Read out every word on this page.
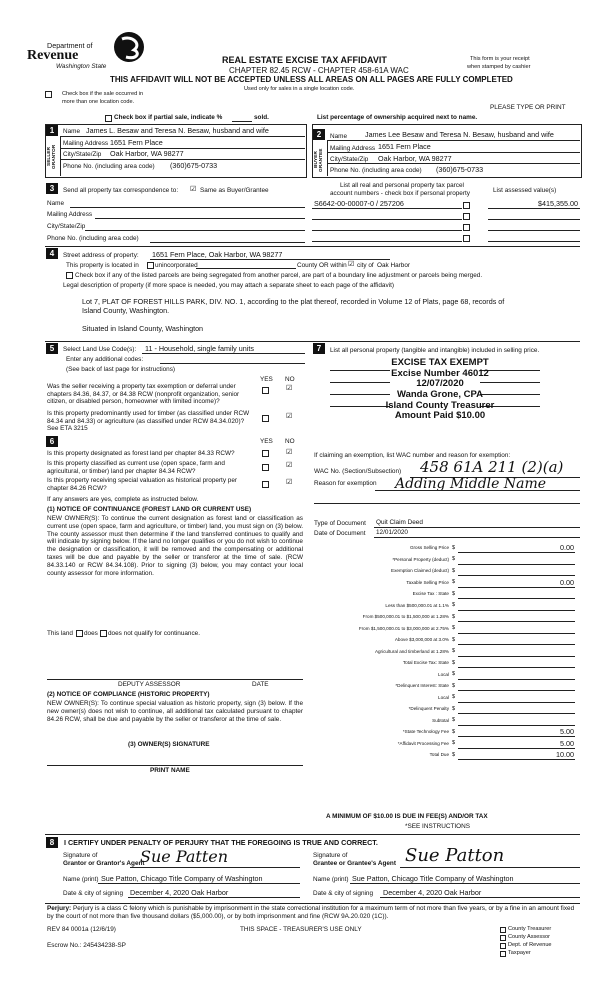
Department of
Revenue
Washington State
REAL ESTATE EXCISE TAX AFFIDAVIT
CHAPTER 82.45 RCW - CHAPTER 458-61A WAC
THIS AFFIDAVIT WILL NOT BE ACCEPTED UNLESS ALL AREAS ON ALL PAGES ARE FULLY COMPLETED
Used only for sales in a single location code.
This form is your receipt
when stamped by cashier
Check box if the sale occurred in
more than one location code.
PLEASE TYPE OR PRINT
Check box if partial sale, indicate %	sold.	List percentage of ownership acquired next to name.
1
SELLER GRANTOR
Name James L. Besaw and Teresa N. Besaw, husband and wife
Mailing Address 1651 Fern Place
City/State/Zip Oak Harbor, WA 98277
Phone No. (including area code) (360)675-0733
2
BUYER GRANTEE
Name James Lee Besaw and Teresa N. Besaw, husband and wife
Mailing Address 1651 Fern Place
City/State/Zip Oak Harbor, WA 98277
Phone No. (including area code) (360)675-0733
3	Send all property tax correspondence to: ☑ Same as Buyer/Grantee
Name
Mailing Address
City/State/Zip
Phone No. (including area code)
List all real and personal property tax parcel
account numbers - check box if personal property	List assessed value(s)
S6642-00-00007-0 / 257206	$415,355.00
4	Street address of property: 1651 Fern Place, Oak Harbor, WA 98277
This property is located in	unincorporated	County OR within ☑ city of Oak Harbor
Check box if any of the listed parcels are being segregated from another parcel, are part of a boundary line adjustment or parcels being merged.
Legal description of property (if more space is needed, you may attach a separate sheet to each page of the affidavit)
Lot 7, PLAT OF FOREST HILLS PARK, DIV. NO. 1, according to the plat thereof, recorded in Volume 12 of Plats, page 68, records of
Island County, Washington.
Situated in Island County, Washington
5	Select Land Use Code(s): 11 - Household, single family units
Enter any additional codes:
(See back of last page for instructions)
YES NO
Was the seller receiving a property tax exemption or deferral under chapters 84.36, 84.37, or 84.38 RCW (nonprofit organization, senior citizen, or disabled person, homeowner with limited income)?
☑
Is this property predominantly used for timber (as classified under RCW 84.34 and 84.33) or agriculture (as classified under RCW 84.34.020)? See ETA 3215
☑
6	YES NO
Is this property designated as forest land per chapter 84.33 RCW?	☑
Is this property classified as current use (open space, farm and agricultural, or timber) land per chapter 84.34 RCW?
☑
Is this property receiving special valuation as historical property per chapter 84.26 RCW?
☑
If any answers are yes, complete as instructed below.
(1) NOTICE OF CONTINUANCE (FOREST LAND OR CURRENT USE)
NEW OWNER(S): To continue the current designation as forest land or classification as current use (open space, farm and agriculture, or timber) land, you must sign on (3) below. The county assessor must then determine if the land transferred continues to qualify and will indicate by signing below. If the land no longer qualifies or you do not wish to continue the designation or classification, it will be removed and the compensating or additional taxes will be due and payable by the seller or transferor at the time of sale. (RCW 84.33.140 or RCW 84.34.108). Prior to signing (3) below, you may contact your local county assessor for more information.
This land does does not qualify for continuance.
DEPUTY ASSESSOR	DATE
(2) NOTICE OF COMPLIANCE (HISTORIC PROPERTY)
NEW OWNER(S): To continue special valuation as historic property, sign (3) below. If the new owner(s) does not wish to continue, all additional tax calculated pursuant to chapter 84.26 RCW, shall be due and payable by the seller or transferor at the time of sale.
(3) OWNER(S) SIGNATURE
PRINT NAME
7	List all personal property (tangible and intangible) included in selling price.
EXCISE TAX EXEMPT
Excise Number 46012
12/07/2020
Wanda Grone, CPA
Island County Treasurer
Amount Paid $10.00
If claiming an exemption, list WAC number and reason for exemption:
WAC No. (Section/Subsection) 458 61A 211 (2)(a)
Reason for exemption Adding Middle Name
Type of Document Quit Claim Deed
Date of Document 12/01/2020
Gross Selling Price $	0.00
*Personal Property (deduct) $
Exemption Claimed (deduct) $
Taxable Selling Price $	0.00
Excise Tax : State $
Less than $500,000.01 at 1.1% $
From $500,000.01 to $1,500,000 at 1.28% $
From $1,500,000.01 to $3,000,000 at 2.75% $
Above $3,000,000 at 3.0% $
Agricultural and timberland at 1.28% $
Total Excise Tax: State $
Local $
*Delinquent Interest: State $
Local $
*Delinquent Penalty $
Subtotal $
*State Technology Fee $	5.00
*Affidavit Processing Fee $	5.00
Total Due $	10.00
A MINIMUM OF $10.00 IS DUE IN FEE(S) AND/OR TAX
*SEE INSTRUCTIONS
8	I CERTIFY UNDER PENALTY OF PERJURY THAT THE FOREGOING IS TRUE AND CORRECT.
Signature of
Grantor or Grantor's Agent
Sue Patten	Signature of
Grantee or Grantee's Agent Sue Patton
Name (print) Sue Patton, Chicago Title Company of Washington	Name (print) Sue Patton, Chicago Title Company of Washington
Date & city of signing December 4, 2020 Oak Harbor	Date & city of signing December 4, 2020 Oak Harbor
Perjury: Perjury is a class C felony which is punishable by imprisonment in the state correctional institution for a maximum term of not more than five years, or by a fine in an amount fixed by the court of not more than five thousand dollars ($5,000.00), or by both imprisonment and fine (RCW 9A.20.020 (1C)).
REV 84 0001a (12/6/19)	THIS SPACE - TREASURER'S USE ONLY
Escrow No.: 245434238-SP
County Treasurer
County Assessor
Dept. of Revenue
Taxpayer
